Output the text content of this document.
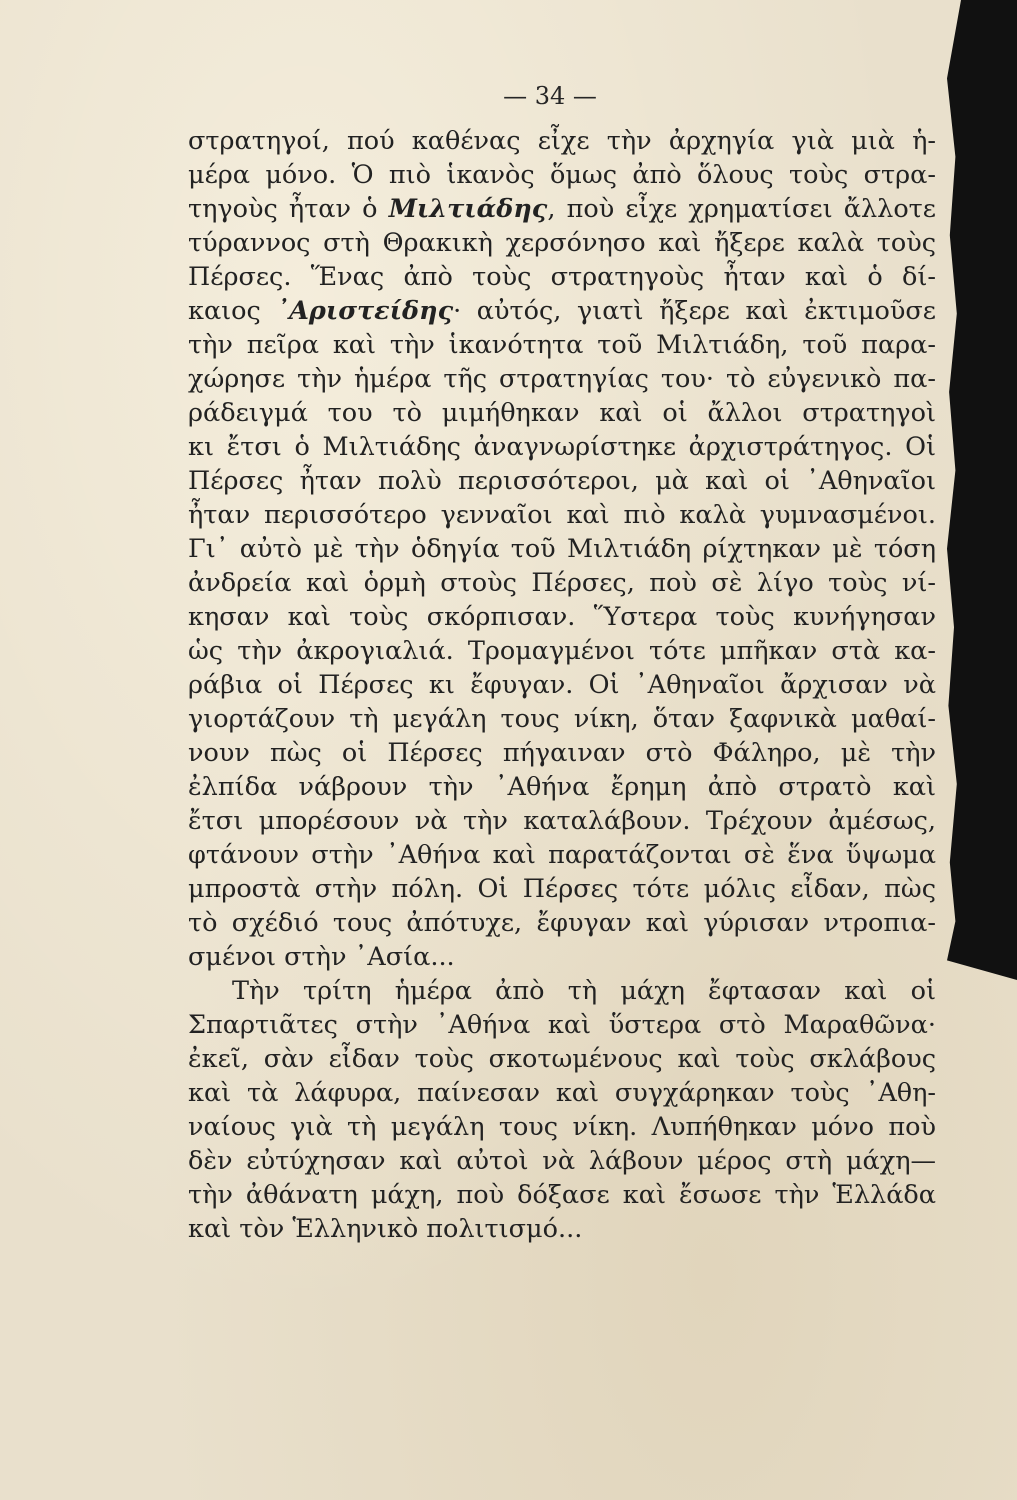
— 34 —
στρατηγοί, πού καθένας εἶχε τὴν ἀρχηγία γιὰ μιὰ ἡ-
μέρα μόνο. Ὁ πιὸ ἱκανὸς ὅμως ἀπὸ ὅλους τοὺς στρα-
τηγοὺς ἦταν ὁ Μιλτιάδης, ποὺ εἶχε χρηματίσει ἄλλοτε
τύραννος στὴ Θρακικὴ χερσόνησο καὶ ἤξερε καλὰ τοὺς
Πέρσες. Ἕνας ἀπὸ τοὺς στρατηγοὺς ἦταν καὶ ὁ δί-
καιος ᾿Αριστείδης· αὐτός, γιατὶ ἤξερε καὶ ἐκτιμοῦσε
τὴν πεῖρα καὶ τὴν ἱκανότητα τοῦ Μιλτιάδη, τοῦ παρα-
χώρησε τὴν ἡμέρα τῆς στρατηγίας του· τὸ εὐγενικὸ πα-
ράδειγμά του τὸ μιμήθηκαν καὶ οἱ ἄλλοι στρατηγοὶ
κι ἔτσι ὁ Μιλτιάδης ἀναγνωρίστηκε ἀρχιστράτηγος. Οἱ
Πέρσες ἦταν πολὺ περισσότεροι, μὰ καὶ οἱ ᾿Αθηναῖοι
ἦταν περισσότερο γενναῖοι καὶ πιὸ καλὰ γυμνασμένοι.
Γι᾿ αὐτὸ μὲ τὴν ὁδηγία τοῦ Μιλτιάδη ρίχτηκαν μὲ τόση
ἀνδρεία καὶ ὁρμὴ στοὺς Πέρσες, ποὺ σὲ λίγο τοὺς νί-
κησαν καὶ τοὺς σκόρπισαν. Ὕστερα τοὺς κυνήγησαν
ὡς τὴν ἀκρογιαλιά. Τρομαγμένοι τότε μπῆκαν στὰ κα-
ράβια οἱ Πέρσες κι ἔφυγαν. Οἱ ᾿Αθηναῖοι ἄρχισαν νὰ
γιορτάζουν τὴ μεγάλη τους νίκη, ὅταν ξαφνικὰ μαθαί-
νουν πὼς οἱ Πέρσες πήγαιναν στὸ Φάληρο, μὲ τὴν
ἐλπίδα νάβρουν τὴν ᾿Αθήνα ἔρημη ἀπὸ στρατὸ καὶ
ἔτσι μπορέσουν νὰ τὴν καταλάβουν. Τρέχουν ἀμέσως,
φτάνουν στὴν ᾿Αθήνα καὶ παρατάζονται σὲ ἕνα ὕψωμα
μπροστὰ στὴν πόλη. Οἱ Πέρσες τότε μόλις εἶδαν, πὼς
τὸ σχέδιό τους ἀπότυχε, ἔφυγαν καὶ γύρισαν ντροπια-
σμένοι στὴν ᾿Ασία...
Τὴν τρίτη ἡμέρα ἀπὸ τὴ μάχη ἔφτασαν καὶ οἱ
Σπαρτιᾶτες στὴν ᾿Αθήνα καὶ ὕστερα στὸ Μαραθῶνα·
ἐκεῖ, σὰν εἶδαν τοὺς σκοτωμένους καὶ τοὺς σκλάβους
καὶ τὰ λάφυρα, παίνεσαν καὶ συγχάρηκαν τοὺς ᾿Αθη-
ναίους γιὰ τὴ μεγάλη τους νίκη. Λυπήθηκαν μόνο ποὺ
δὲν εὐτύχησαν καὶ αὐτοὶ νὰ λάβουν μέρος στὴ μάχη—
τὴν ἀθάνατη μάχη, ποὺ δόξασε καὶ ἔσωσε τὴν Ἑλλάδα
καὶ τὸν Ἑλληνικὸ πολιτισμό...
